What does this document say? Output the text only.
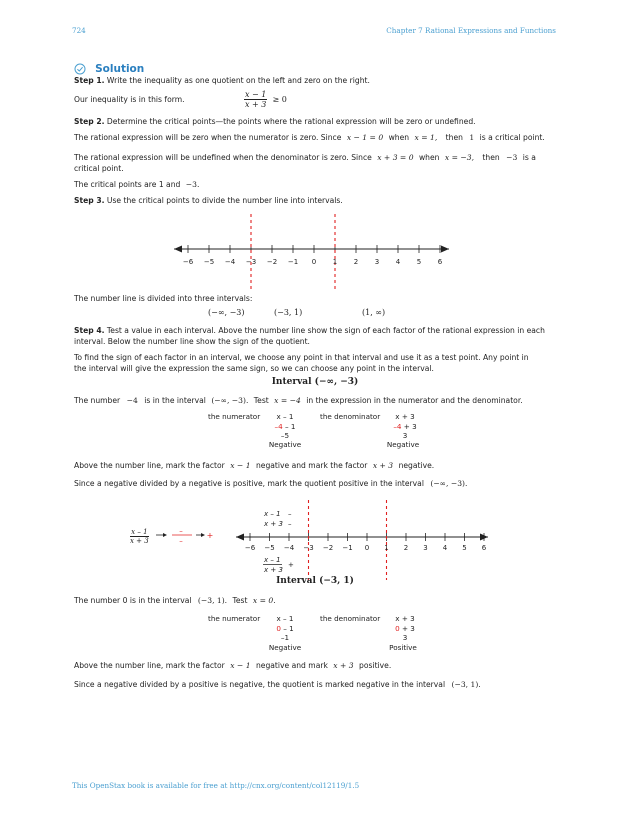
724	Chapter 7 Rational Expressions and Functions
Solution
Step 1. Write the inequality as one quotient on the left and zero on the right.
Our inequality is in this form.	$\frac{x - 1}{x + 3} \ge 0$
Step 2. Determine the critical points—the points where the rational expression will be zero or undefined.
The rational expression will be zero when the numerator is zero. Since x − 1 = 0 when x = 1, then 1 is a critical point.
The rational expression will be undefined when the denominator is zero. Since x + 3 = 0 when x = −3, then −3 is a
critical point.
The critical points are 1 and −3.
Step 3. Use the critical points to divide the number line into intervals.
−6 −5 −4 −3 −2 −1 0 1 2 3 4 5 6
The number line is divided into three intervals:
(−∞, −3)	(−3, 1)	(1, ∞)
Step 4. Test a value in each interval. Above the number line show the sign of each factor of the rational expression in each
interval. Below the number line show the sign of the quotient.
To find the sign of each factor in an interval, we choose any point in that interval and use it as a test point. Any point in
the interval will give the expression the same sign, so we can choose any point in the interval.
Interval (−∞, −3)
The number −4 is in the interval (−∞, −3). Test x = −4 in the expression in the numerator and the denominator.
the numerator	x – 1
–4 – 1
–5
Negative
the denominator	x + 3
–4 + 3
3
Negative
Above the number line, mark the factor x − 1 negative and mark the factor x + 3 negative.
Since a negative divided by a negative is positive, mark the quotient positive in the interval (−∞, −3).
$\frac{x - 1}{x + 3}$	–
–
+
−6 −5 −4 −3 −2 −1 0 1 2 3 4 5 6
x – 1 –
x + 3 –
x – 1
x + 3
+
Interval (−3, 1)
The number 0 is in the interval (−3, 1). Test x = 0.
the numerator	x – 1
0 – 1
–1
Negative
the denominator	x + 3
0 + 3
3
Positive
Above the number line, mark the factor x − 1 negative and mark x + 3 positive.
Since a negative divided by a positive is negative, the quotient is marked negative in the interval (−3, 1).
This OpenStax book is available for free at http://cnx.org/content/col12119/1.5
